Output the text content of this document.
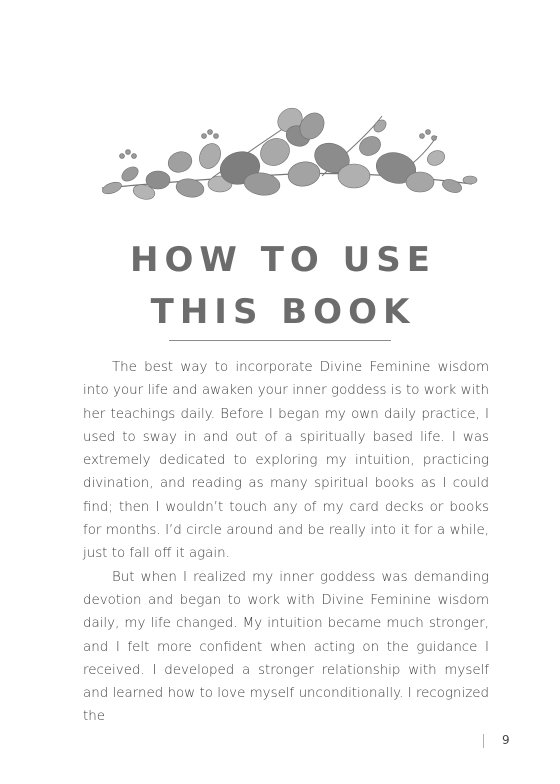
HOW TO USE
THIS BOOK

The best way to incorporate Divine Feminine wisdom into your life and awaken your inner goddess is to work with her teachings daily. Before I began my own daily practice, I used to sway in and out of a spiritually based life. I was extremely dedicated to exploring my intuition, practicing divination, and reading as many spiritual books as I could find; then I wouldn’t touch any of my card decks or books for months. I’d circle around and be really into it for a while, just to fall off it again.

But when I realized my inner goddess was demanding devotion and began to work with Divine Feminine wisdom daily, my life changed. My intuition became much stronger, and I felt more confident when acting on the guidance I received. I developed a stronger relationship with myself and learned how to love myself unconditionally. I recognized the

9
